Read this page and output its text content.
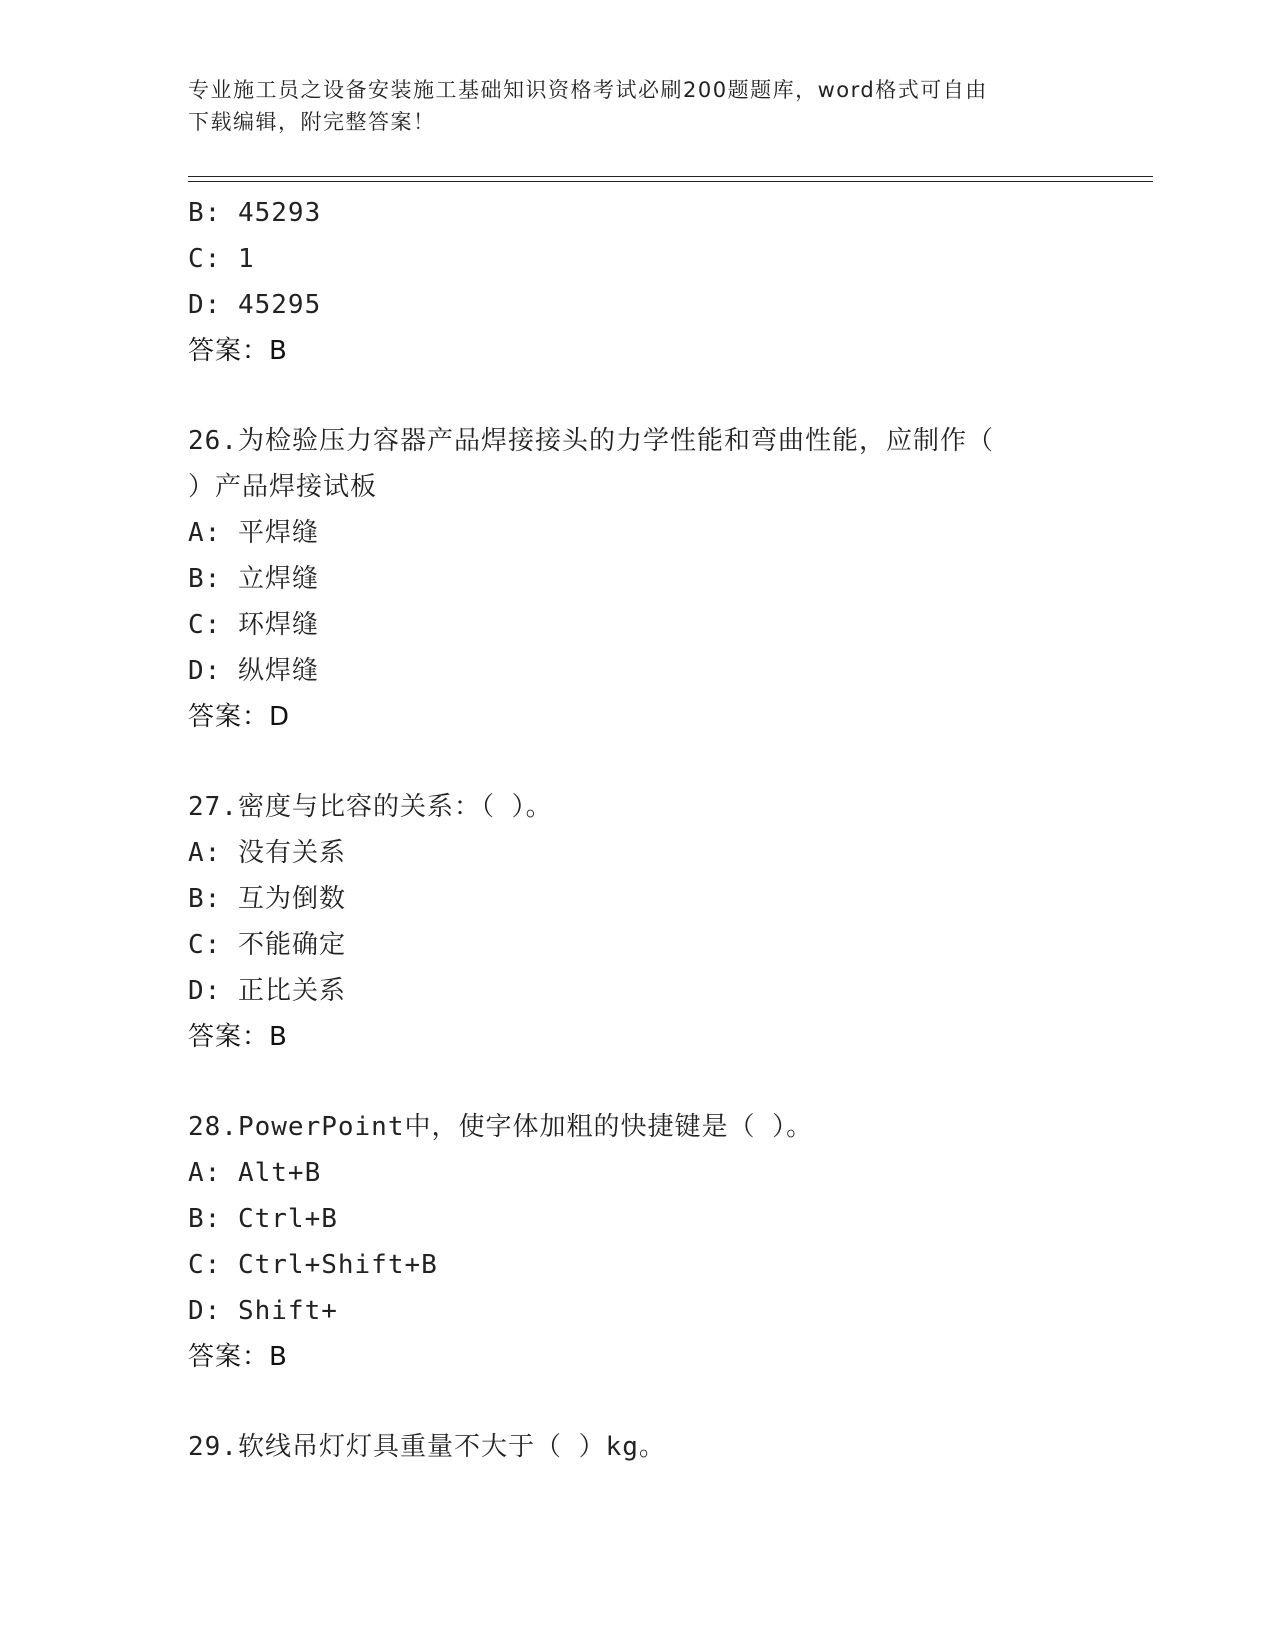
专业施工员之设备安装施工基础知识资格考试必刷200题题库，word格式可自由
下载编辑，附完整答案！
B: 45293
C: 1
D: 45295
答案：B
26.为检验压力容器产品焊接接头的力学性能和弯曲性能，应制作（
）产品焊接试板
A: 平焊缝
B: 立焊缝
C: 环焊缝
D: 纵焊缝
答案：D
27.密度与比容的关系：（ ）。
A: 没有关系
B: 互为倒数
C: 不能确定
D: 正比关系
答案：B
28.PowerPoint中，使字体加粗的快捷键是（ ）。
A: Alt+B
B: Ctrl+B
C: Ctrl+Shift+B
D: Shift+
答案：B
29.软线吊灯灯具重量不大于（ ）kg。
